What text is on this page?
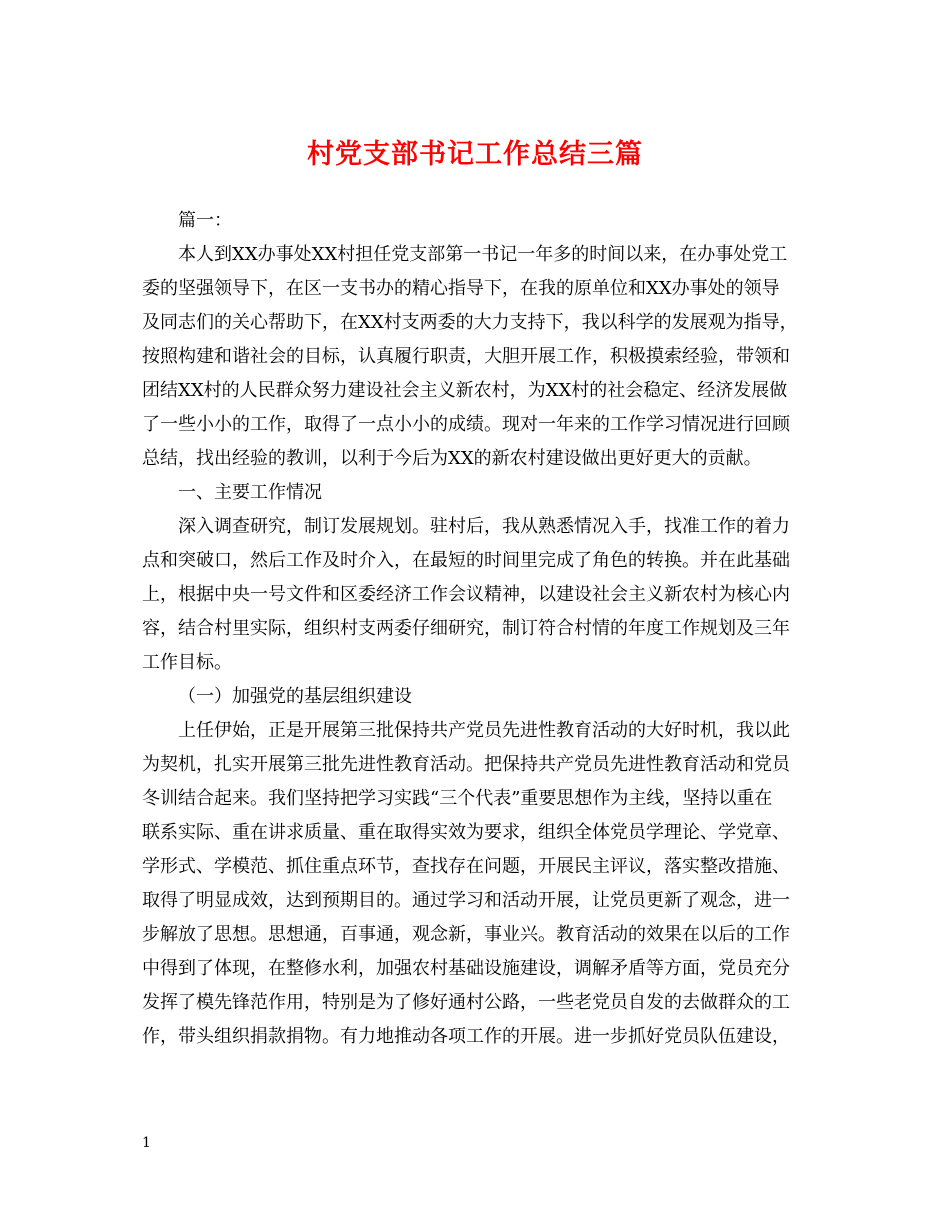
村党支部书记工作总结三篇
篇一：
本人到XX办事处XX村担任党支部第一书记一年多的时间以来，在办事处党工
委的坚强领导下，在区一支书办的精心指导下，在我的原单位和XX办事处的领导
及同志们的关心帮助下，在XX村支两委的大力支持下，我以科学的发展观为指导，
按照构建和谐社会的目标，认真履行职责，大胆开展工作，积极摸索经验，带领和
团结XX村的人民群众努力建设社会主义新农村，为XX村的社会稳定、经济发展做
了一些小小的工作，取得了一点小小的成绩。现对一年来的工作学习情况进行回顾
总结，找出经验的教训，以利于今后为XX的新农村建设做出更好更大的贡献。
一、主要工作情况
深入调查研究，制订发展规划。驻村后，我从熟悉情况入手，找准工作的着力
点和突破口，然后工作及时介入，在最短的时间里完成了角色的转换。并在此基础
上，根据中央一号文件和区委经济工作会议精神，以建设社会主义新农村为核心内
容，结合村里实际，组织村支两委仔细研究，制订符合村情的年度工作规划及三年
工作目标。
（一）加强党的基层组织建设
上任伊始，正是开展第三批保持共产党员先进性教育活动的大好时机，我以此
为契机，扎实开展第三批先进性教育活动。把保持共产党员先进性教育活动和党员
冬训结合起来。我们坚持把学习实践“三个代表”重要思想作为主线，坚持以重在
联系实际、重在讲求质量、重在取得实效为要求，组织全体党员学理论、学党章、
学形式、学模范、抓住重点环节，查找存在问题，开展民主评议，落实整改措施、
取得了明显成效，达到预期目的。通过学习和活动开展，让党员更新了观念，进一
步解放了思想。思想通，百事通，观念新，事业兴。教育活动的效果在以后的工作
中得到了体现，在整修水利，加强农村基础设施建设，调解矛盾等方面，党员充分
发挥了模先锋范作用，特别是为了修好通村公路，一些老党员自发的去做群众的工
作，带头组织捐款捐物。有力地推动各项工作的开展。进一步抓好党员队伍建设，
1
